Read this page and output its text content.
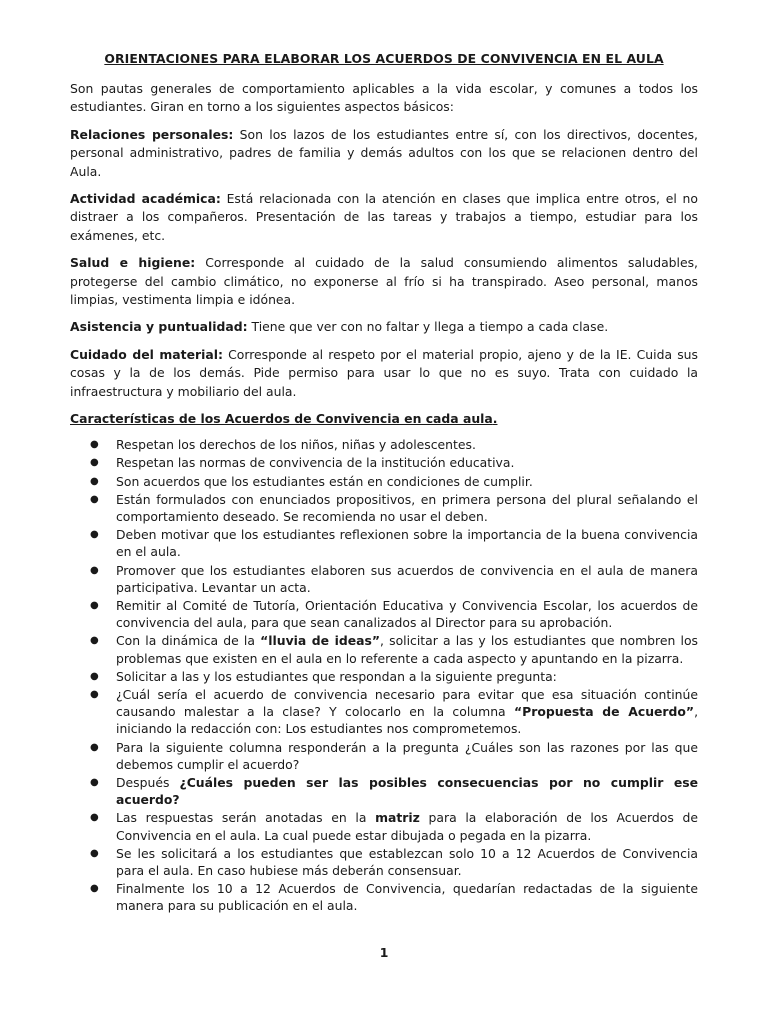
ORIENTACIONES PARA ELABORAR LOS ACUERDOS DE CONVIVENCIA EN EL AULA

Son pautas generales de comportamiento aplicables a la vida escolar, y comunes a todos los estudiantes. Giran en torno a los siguientes aspectos básicos:

Relaciones personales: Son los lazos de los estudiantes entre sí, con los directivos, docentes, personal administrativo, padres de familia y demás adultos con los que se relacionen dentro del Aula.

Actividad académica: Está relacionada con la atención en clases que implica entre otros, el no distraer a los compañeros. Presentación de las tareas y trabajos a tiempo, estudiar para los exámenes, etc.

Salud e higiene: Corresponde al cuidado de la salud consumiendo alimentos saludables, protegerse del cambio climático, no exponerse al frío si ha transpirado. Aseo personal, manos limpias, vestimenta limpia e idónea.

Asistencia y puntualidad: Tiene que ver con no faltar y llega a tiempo a cada clase.

Cuidado del material: Corresponde al respeto por el material propio, ajeno y de la IE. Cuida sus cosas y la de los demás. Pide permiso para usar lo que no es suyo. Trata con cuidado la infraestructura y mobiliario del aula.

Características de los Acuerdos de Convivencia en cada aula.
● Respetan los derechos de los niños, niñas y adolescentes.
● Respetan las normas de convivencia de la institución educativa.
● Son acuerdos que los estudiantes están en condiciones de cumplir.
● Están formulados con enunciados propositivos, en primera persona del plural señalando el comportamiento deseado. Se recomienda no usar el deben.
● Deben motivar que los estudiantes reflexionen sobre la importancia de la buena convivencia en el aula.
● Promover que los estudiantes elaboren sus acuerdos de convivencia en el aula de manera participativa. Levantar un acta.
● Remitir al Comité de Tutoría, Orientación Educativa y Convivencia Escolar, los acuerdos de convivencia del aula, para que sean canalizados al Director para su aprobación.
● Con la dinámica de la “lluvia de ideas”, solicitar a las y los estudiantes que nombren los problemas que existen en el aula en lo referente a cada aspecto y apuntando en la pizarra.
● Solicitar a las y los estudiantes que respondan a la siguiente pregunta:
● ¿Cuál sería el acuerdo de convivencia necesario para evitar que esa situación continúe causando malestar a la clase? Y colocarlo en la columna “Propuesta de Acuerdo”, iniciando la redacción con: Los estudiantes nos comprometemos.
● Para la siguiente columna responderán a la pregunta ¿Cuáles son las razones por las que debemos cumplir el acuerdo?
● Después ¿Cuáles pueden ser las posibles consecuencias por no cumplir ese acuerdo?
● Las respuestas serán anotadas en la matriz para la elaboración de los Acuerdos de Convivencia en el aula. La cual puede estar dibujada o pegada en la pizarra.
● Se les solicitará a los estudiantes que establezcan solo 10 a 12 Acuerdos de Convivencia para el aula. En caso hubiese más deberán consensuar.
● Finalmente los 10 a 12 Acuerdos de Convivencia, quedarían redactadas de la siguiente manera para su publicación en el aula.
1
